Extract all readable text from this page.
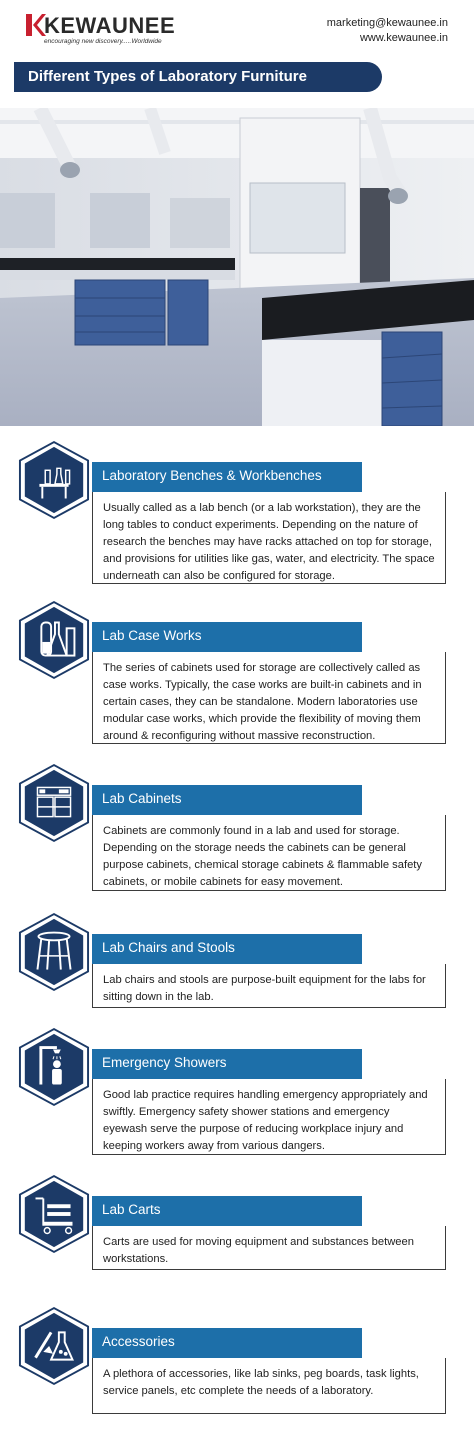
KEWAUNEE
encouraging new discovery.....Worldwide
marketing@kewaunee.in
www.kewaunee.in
Different Types of Laboratory Furniture
Laboratory Benches & Workbenches
Usually called as a lab bench (or a lab workstation), they are the long tables to conduct experiments. Depending on the nature of research the benches may have racks attached on top for storage, and provisions for utilities like gas, water, and electricity. The space underneath can also be configured for storage.
Lab Case Works
The series of cabinets used for storage are collectively called as case works. Typically, the case works are built-in cabinets and in certain cases, they can be standalone. Modern laboratories use modular case works, which provide the flexibility of moving them around & reconfiguring without massive reconstruction.
Lab Cabinets
Cabinets are commonly found in a lab and used for storage. Depending on the storage needs the cabinets can be general purpose cabinets, chemical storage cabinets & flammable safety cabinets, or mobile cabinets for easy movement.
Lab Chairs and Stools
Lab chairs and stools are purpose-built equipment for the labs for sitting down in the lab.
Emergency Showers
Good lab practice requires handling emergency appropriately and swiftly. Emergency safety shower stations and emergency eyewash serve the purpose of reducing workplace injury and keeping workers away from various dangers.
Lab Carts
Carts are used for moving equipment and substances between workstations.
Accessories
A plethora of accessories, like lab sinks, peg boards, task lights, service panels, etc complete the needs of a laboratory.
